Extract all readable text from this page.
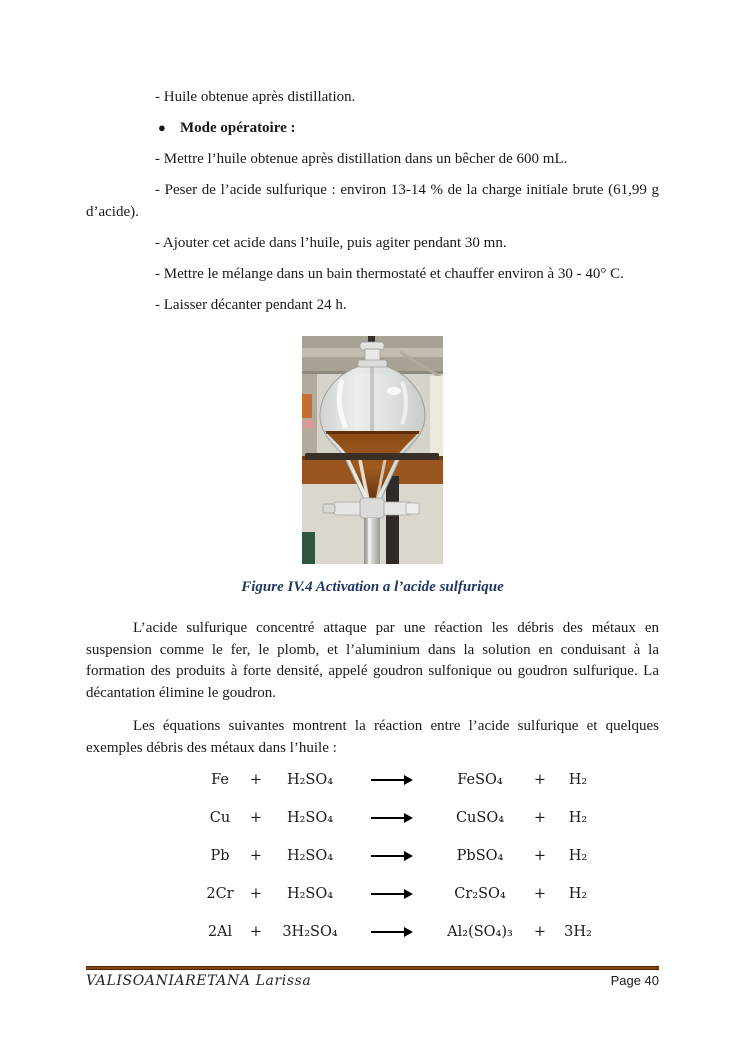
- Huile obtenue après distillation.

● Mode opératoire :

- Mettre l’huile obtenue après distillation dans un bêcher de 600 mL.

- Peser de l’acide sulfurique : environ 13-14 % de la charge initiale brute (61,99 g d’acide).

- Ajouter cet acide dans l’huile, puis agiter pendant 30 mn.

- Mettre le mélange dans un bain thermostaté et chauffer environ à 30 - 40° C.

- Laisser décanter pendant 24 h.

Figure IV.4 Activation a l’acide sulfurique

L’acide sulfurique concentré attaque par une réaction les débris des métaux en suspension comme le fer, le plomb, et l’aluminium dans la solution en conduisant à la formation des produits à forte densité, appelé goudron sulfonique ou goudron sulfurique. La décantation élimine le goudron.

Les équations suivantes montrent la réaction entre l’acide sulfurique et quelques exemples débris des métaux dans l’huile :

Fe	+	H₂SO₄	FeSO₄	+	H₂
Cu	+	H₂SO₄	CuSO₄	+	H₂
Pb	+	H₂SO₄	PbSO₄	+	H₂
2Cr	+	H₂SO₄	Cr₂SO₄	+	H₂
2Al	+	3H₂SO₄	Al₂(SO₄)₃	+	3H₂
VALISOANIARETANA Larissa	Page 40
